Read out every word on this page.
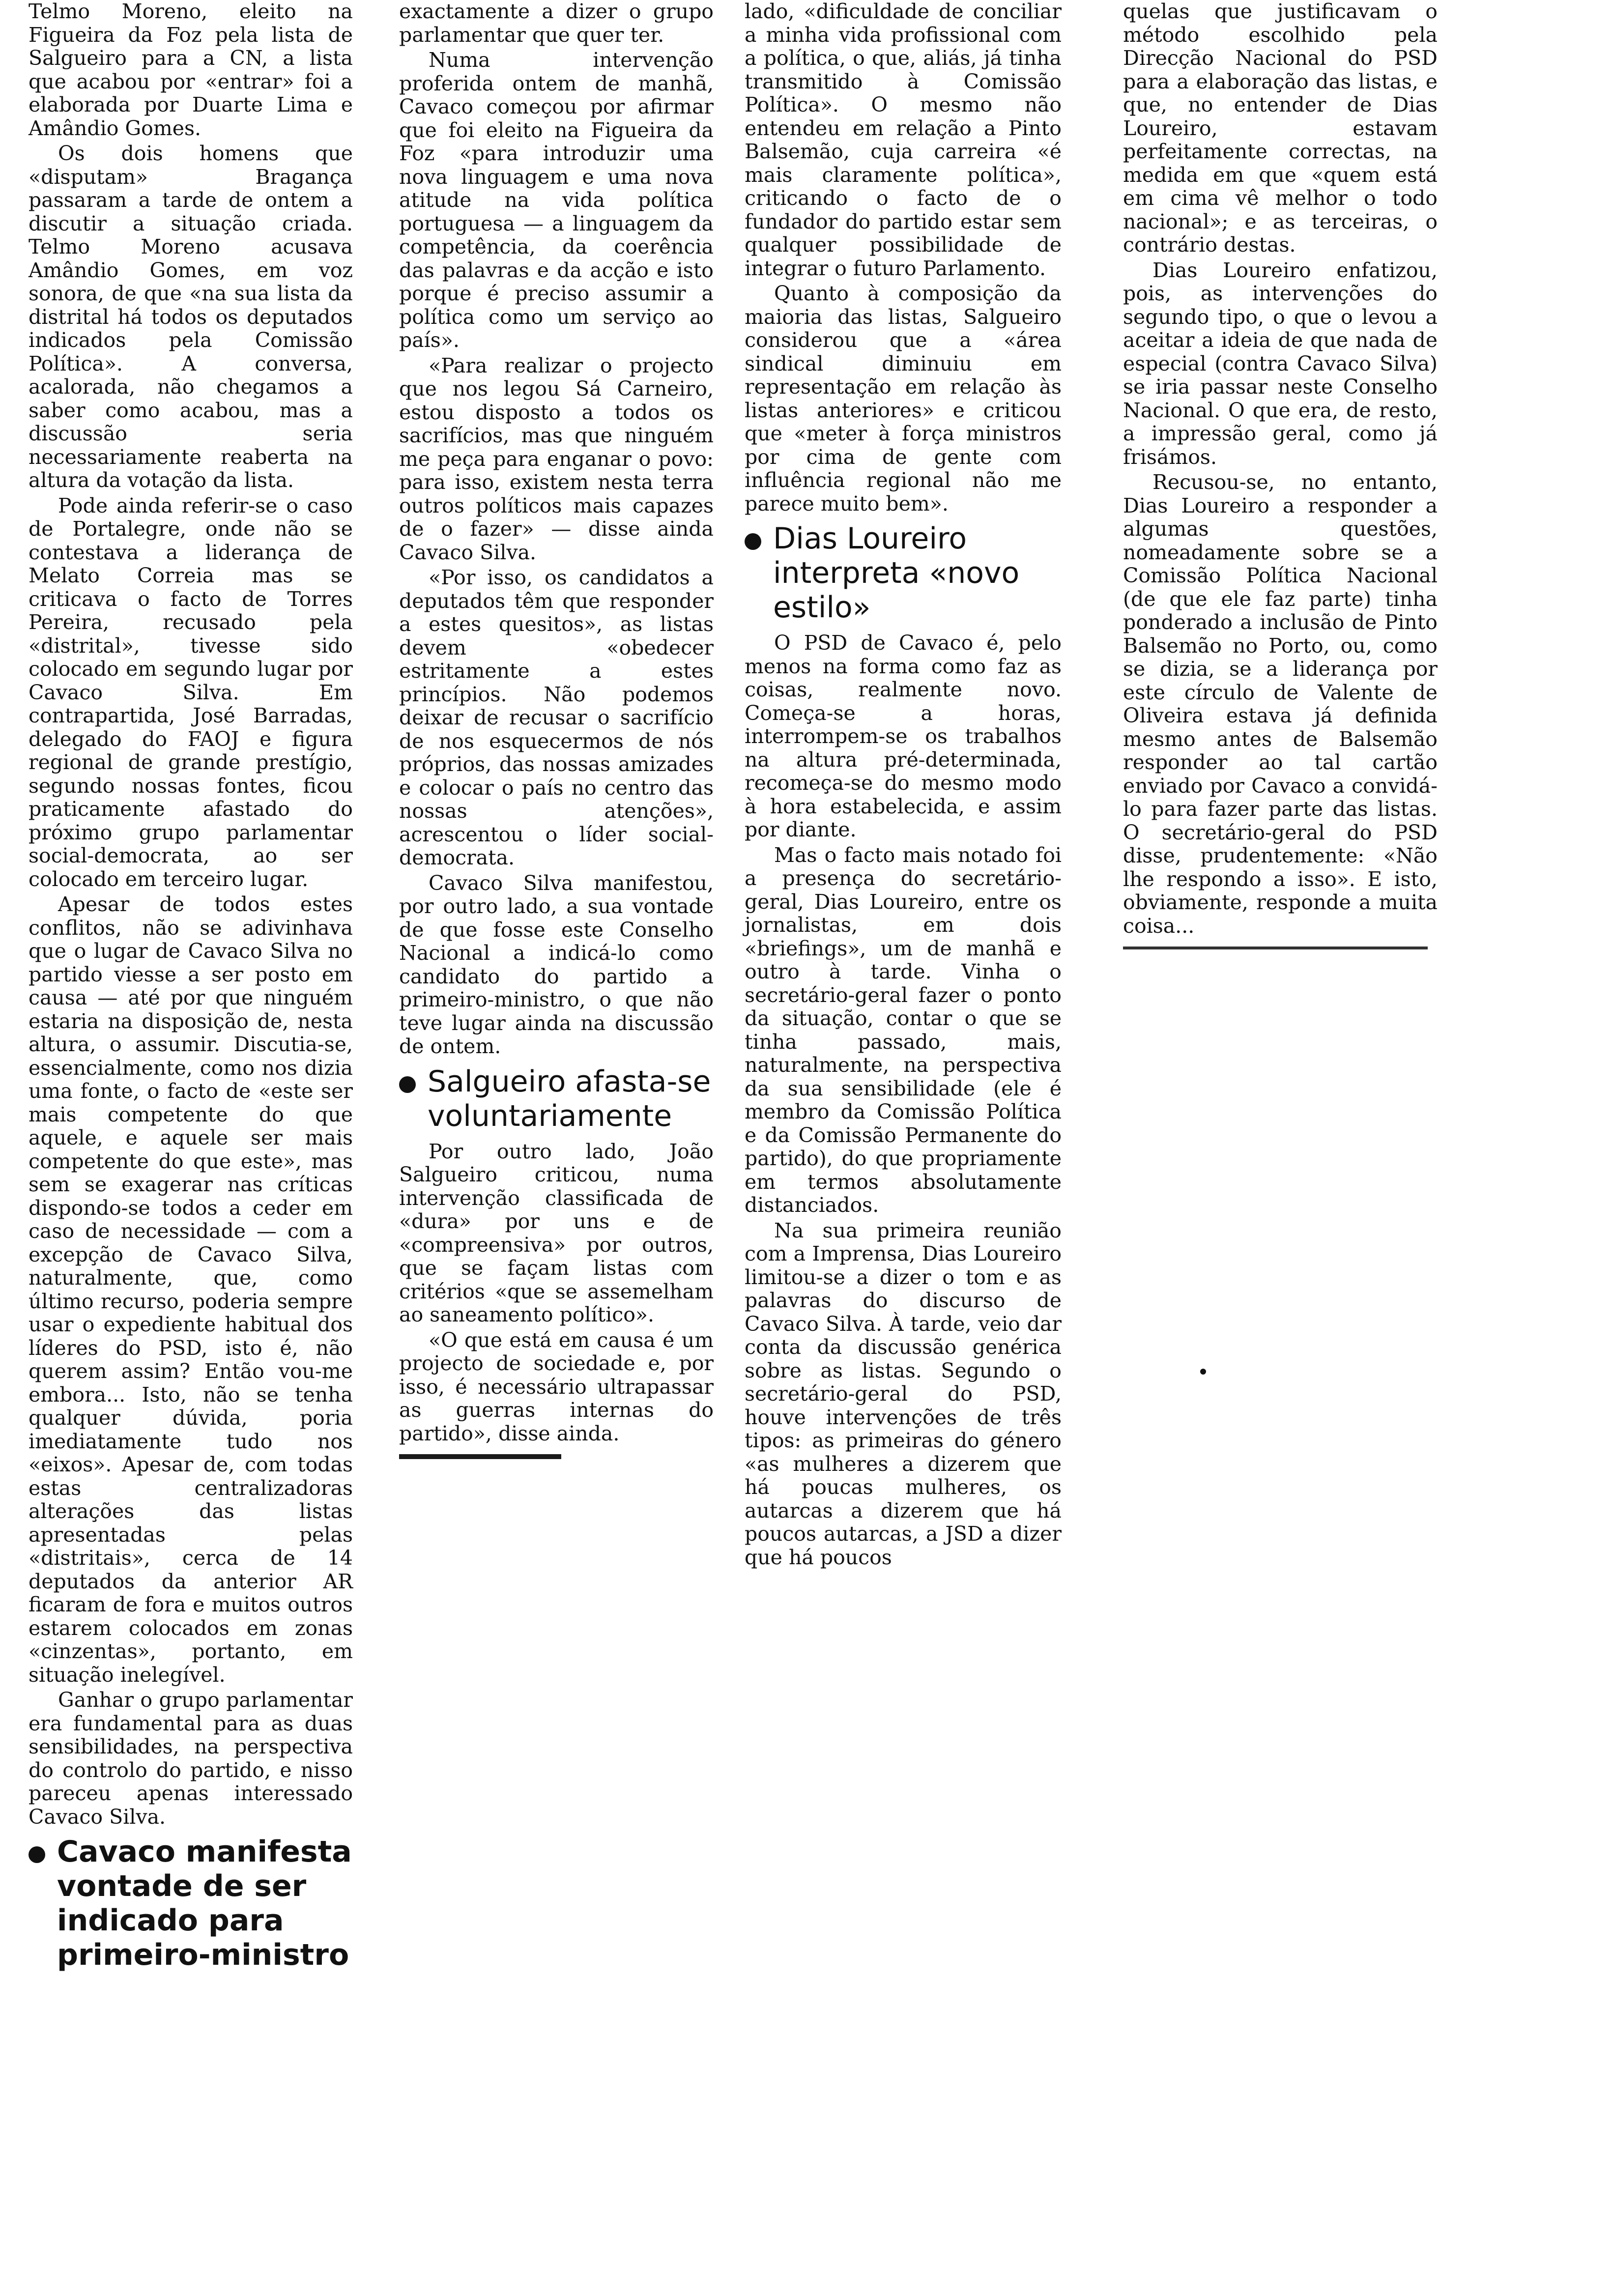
Telmo Moreno, eleito na Figueira da Foz pela lista de Salgueiro para a CN, a lista que acabou por «entrar» foi a elaborada por Duarte Lima e Amândio Gomes.

Os dois homens que «disputam» Bragança passaram a tarde de ontem a discutir a situação criada. Telmo Moreno acusava Amândio Gomes, em voz sonora, de que «na sua lista da distrital há todos os deputados indicados pela Comissão Política». A conversa, acalorada, não chegamos a saber como acabou, mas a discussão seria necessariamente reaberta na altura da votação da lista.

Pode ainda referir-se o caso de Portalegre, onde não se contestava a liderança de Melato Correia mas se criticava o facto de Torres Pereira, recusado pela «distrital», tivesse sido colocado em segundo lugar por Cavaco Silva. Em contrapartida, José Barradas, delegado do FAOJ e figura regional de grande prestígio, segundo nossas fontes, ficou praticamente afastado do próximo grupo parlamentar social-democrata, ao ser colocado em terceiro lugar.

Apesar de todos estes conflitos, não se adivinhava que o lugar de Cavaco Silva no partido viesse a ser posto em causa — até por que ninguém estaria na disposição de, nesta altura, o assumir. Discutia-se, essencialmente, como nos dizia uma fonte, o facto de «este ser mais competente do que aquele, e aquele ser mais competente do que este», mas sem se exagerar nas críticas dispondo-se todos a ceder em caso de necessidade — com a excepção de Cavaco Silva, naturalmente, que, como último recurso, poderia sempre usar o expediente habitual dos líderes do PSD, isto é, não querem assim? Então vou-me embora... Isto, não se tenha qualquer dúvida, poria imediatamente tudo nos «eixos». Apesar de, com todas estas centralizadoras alterações das listas apresentadas pelas «distritais», cerca de 14 deputados da anterior AR ficaram de fora e muitos outros estarem colocados em zonas «cinzentas», portanto, em situação inelegível.

Ganhar o grupo parlamentar era fundamental para as duas sensibilidades, na perspectiva do controlo do partido, e nisso pareceu apenas interessado Cavaco Silva.

Cavaco manifesta vontade de ser indicado para primeiro-ministro

exactamente a dizer o grupo parlamentar que quer ter.

Numa intervenção proferida ontem de manhã, Cavaco começou por afirmar que foi eleito na Figueira da Foz «para introduzir uma nova linguagem e uma nova atitude na vida política portuguesa — a linguagem da competência, da coerência das palavras e da acção e isto porque é preciso assumir a política como um serviço ao país».

«Para realizar o projecto que nos legou Sá Carneiro, estou disposto a todos os sacrifícios, mas que ninguém me peça para enganar o povo: para isso, existem nesta terra outros políticos mais capazes de o fazer» — disse ainda Cavaco Silva.

«Por isso, os candidatos a deputados têm que responder a estes quesitos», as listas devem «obedecer estritamente a estes princípios. Não podemos deixar de recusar o sacrifício de nos esquecermos de nós próprios, das nossas amizades e colocar o país no centro das nossas atenções», acrescentou o líder social-democrata.

Cavaco Silva manifestou, por outro lado, a sua vontade de que fosse este Conselho Nacional a indicá-lo como candidato do partido a primeiro-ministro, o que não teve lugar ainda na discussão de ontem.

Salgueiro afasta-se voluntariamente

Por outro lado, João Salgueiro criticou, numa intervenção classificada de «dura» por uns e de «compreensiva» por outros, que se façam listas com critérios «que se assemelham ao saneamento político».

«O que está em causa é um projecto de sociedade e, por isso, é necessário ultrapassar as guerras internas do partido», disse ainda.

lado, «dificuldade de conciliar a minha vida profissional com a política, o que, aliás, já tinha transmitido à Comissão Política». O mesmo não entendeu em relação a Pinto Balsemão, cuja carreira «é mais claramente política», criticando o facto de o fundador do partido estar sem qualquer possibilidade de integrar o futuro Parlamento.

Quanto à composição da maioria das listas, Salgueiro considerou que a «área sindical diminuiu em representação em relação às listas anteriores» e criticou que «meter à força ministros por cima de gente com influência regional não me parece muito bem».

Dias Loureiro interpreta «novo estilo»

O PSD de Cavaco é, pelo menos na forma como faz as coisas, realmente novo. Começa-se a horas, interrompem-se os trabalhos na altura pré-determinada, recomeça-se do mesmo modo à hora estabelecida, e assim por diante.

Mas o facto mais notado foi a presença do secretário-geral, Dias Loureiro, entre os jornalistas, em dois «briefings», um de manhã e outro à tarde. Vinha o secretário-geral fazer o ponto da situação, contar o que se tinha passado, mais, naturalmente, na perspectiva da sua sensibilidade (ele é membro da Comissão Política e da Comissão Permanente do partido), do que propriamente em termos absolutamente distanciados.

Na sua primeira reunião com a Imprensa, Dias Loureiro limitou-se a dizer o tom e as palavras do discurso de Cavaco Silva. À tarde, veio dar conta da discussão genérica sobre as listas. Segundo o secretário-geral do PSD, houve intervenções de três tipos: as primeiras do género «as mulheres a dizerem que há poucas mulheres, os autarcas a dizerem que há poucos autarcas, a JSD a dizer que há poucos

quelas que justificavam o método escolhido pela Direcção Nacional do PSD para a elaboração das listas, e que, no entender de Dias Loureiro, estavam perfeitamente correctas, na medida em que «quem está em cima vê melhor o todo nacional»; e as terceiras, o contrário destas.

Dias Loureiro enfatizou, pois, as intervenções do segundo tipo, o que o levou a aceitar a ideia de que nada de especial (contra Cavaco Silva) se iria passar neste Conselho Nacional. O que era, de resto, a impressão geral, como já frisámos.

Recusou-se, no entanto, Dias Loureiro a responder a algumas questões, nomeadamente sobre se a Comissão Política Nacional (de que ele faz parte) tinha ponderado a inclusão de Pinto Balsemão no Porto, ou, como se dizia, se a liderança por este círculo de Valente de Oliveira estava já definida mesmo antes de Balsemão responder ao tal cartão enviado por Cavaco a convidá-lo para fazer parte das listas. O secretário-geral do PSD disse, prudentemente: «Não lhe respondo a isso». E isto, obviamente, responde a muita coisa...
